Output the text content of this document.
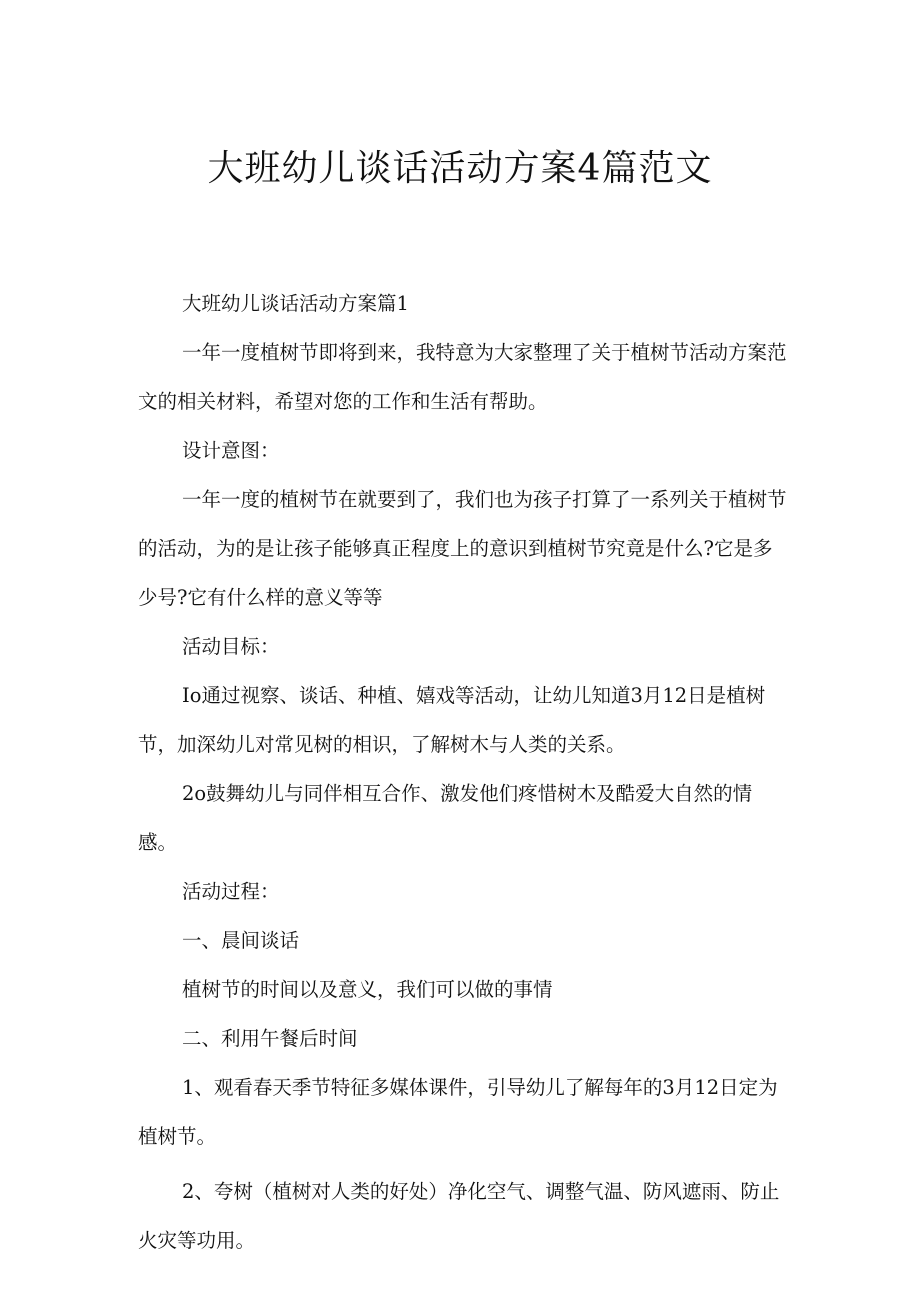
大班幼儿谈话活动方案4篇范文

大班幼儿谈话活动方案篇1

一年一度植树节即将到来，我特意为大家整理了关于植树节活动方案范文的相关材料，希望对您的工作和生活有帮助。

设计意图：

一年一度的植树节在就要到了，我们也为孩子打算了一系列关于植树节的活动，为的是让孩子能够真正程度上的意识到植树节究竟是什么?它是多少号?它有什么样的意义等等

活动目标：

Io通过视察、谈话、种植、嬉戏等活动，让幼儿知道3月12日是植树节，加深幼儿对常见树的相识，了解树木与人类的关系。

2o鼓舞幼儿与同伴相互合作、激发他们疼惜树木及酷爱大自然的情感。

活动过程：

一、晨间谈话

植树节的时间以及意义，我们可以做的事情

二、利用午餐后时间

1、观看春天季节特征多媒体课件，引导幼儿了解每年的3月12日定为植树节。

2、夸树（植树对人类的好处）净化空气、调整气温、防风遮雨、防止火灾等功用。
